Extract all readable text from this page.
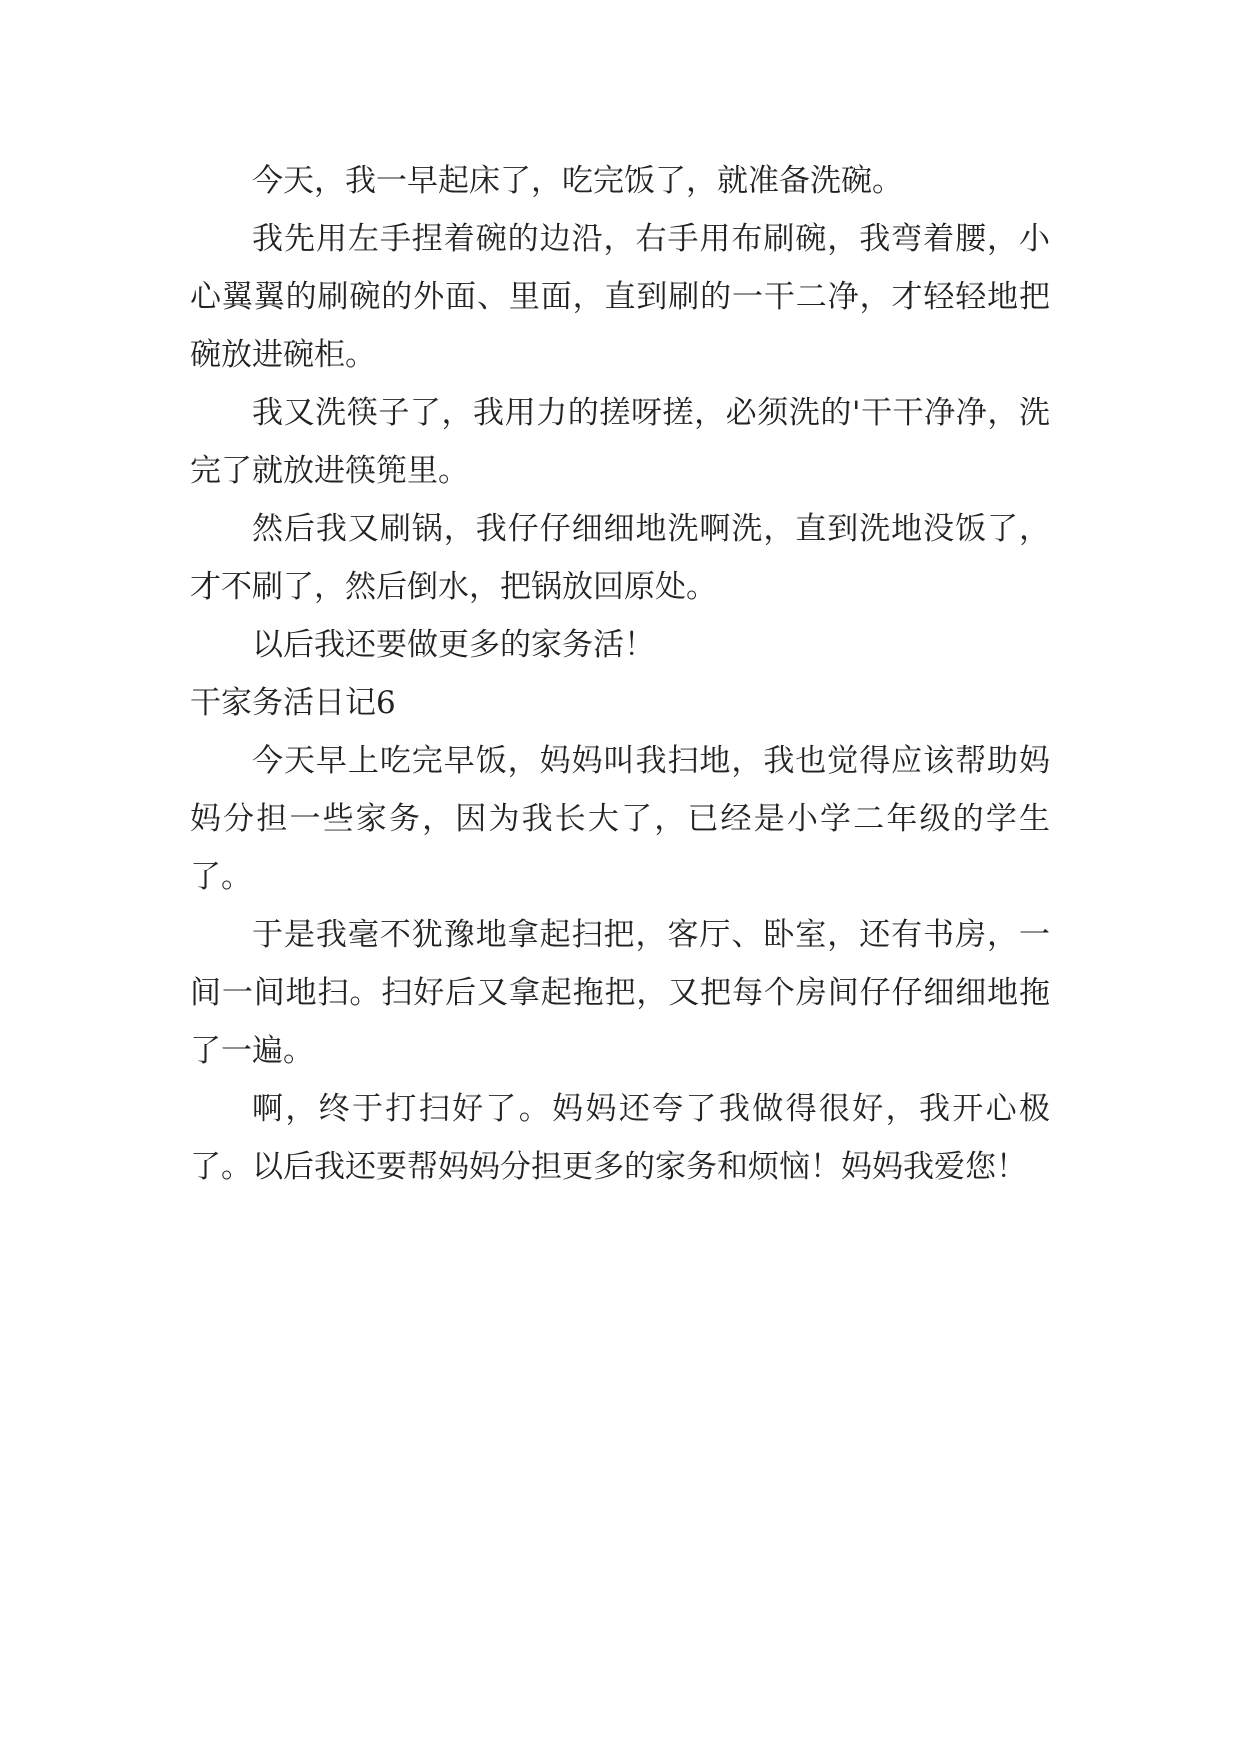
今天，我一早起床了，吃完饭了，就准备洗碗。

我先用左手捏着碗的边沿，右手用布刷碗，我弯着腰，小心翼翼的刷碗的外面、里面，直到刷的一干二净，才轻轻地把碗放进碗柜。

我又洗筷子了，我用力的搓呀搓，必须洗的'干干净净，洗完了就放进筷篼里。

然后我又刷锅，我仔仔细细地洗啊洗，直到洗地没饭了，才不刷了，然后倒水，把锅放回原处。

以后我还要做更多的家务活！

干家务活日记6

今天早上吃完早饭，妈妈叫我扫地，我也觉得应该帮助妈妈分担一些家务，因为我长大了，已经是小学二年级的学生了。

于是我毫不犹豫地拿起扫把，客厅、卧室，还有书房，一间一间地扫。扫好后又拿起拖把，又把每个房间仔仔细细地拖了一遍。

啊，终于打扫好了。妈妈还夸了我做得很好，我开心极了。以后我还要帮妈妈分担更多的家务和烦恼！妈妈我爱您！
